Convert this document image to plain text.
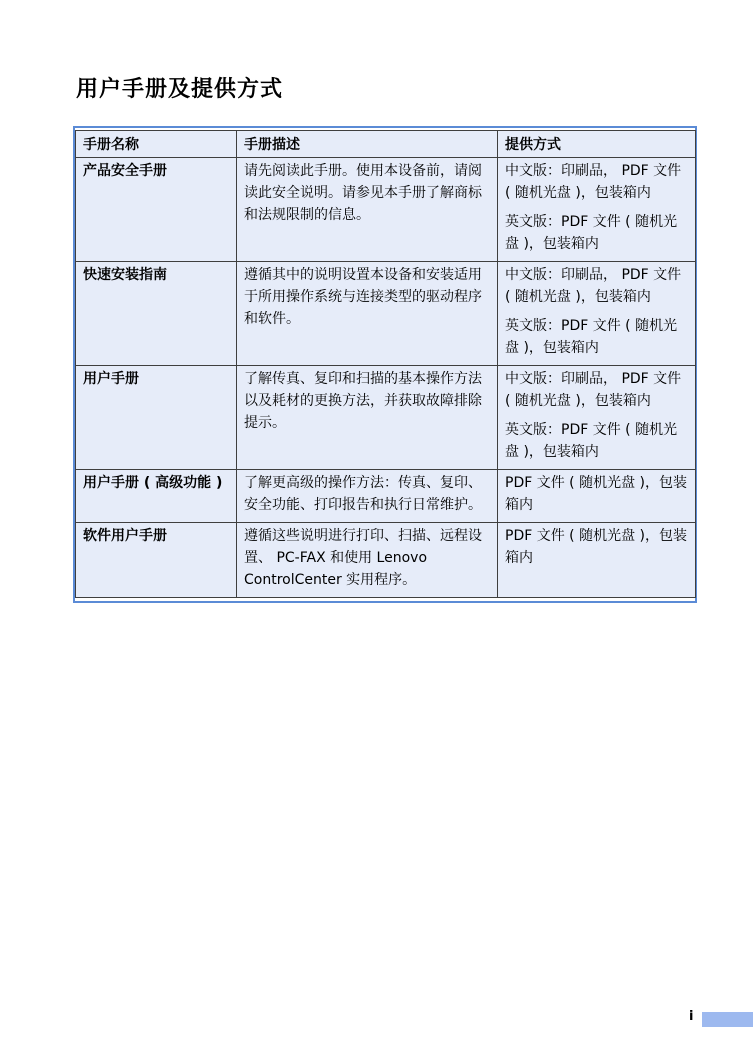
用户手册及提供方式
手册名称	手册描述	提供方式
产品安全手册	请先阅读此手册。使用本设备前，请阅读此安全说明。请参见本手册了解商标和法规限制的信息。	中文版：印刷品， PDF 文件 ( 随机光盘 )，包装箱内
英文版：PDF 文件 ( 随机光盘 )，包装箱内

快速安装指南	遵循其中的说明设置本设备和安装适用于所用操作系统与连接类型的驱动程序和软件。	中文版：印刷品， PDF 文件 ( 随机光盘 )，包装箱内
英文版：PDF 文件 ( 随机光盘 )，包装箱内

用户手册	了解传真、复印和扫描的基本操作方法以及耗材的更换方法，并获取故障排除提示。	中文版：印刷品， PDF 文件 ( 随机光盘 )，包装箱内
英文版：PDF 文件 ( 随机光盘 )，包装箱内

用户手册 ( 高级功能 )	了解更高级的操作方法：传真、复印、安全功能、打印报告和执行日常维护。	PDF 文件 ( 随机光盘 )，包装箱内

软件用户手册	遵循这些说明进行打印、扫描、远程设置、 PC-FAX 和使用 Lenovo ControlCenter 实用程序。	PDF 文件 ( 随机光盘 )，包装箱内
i
